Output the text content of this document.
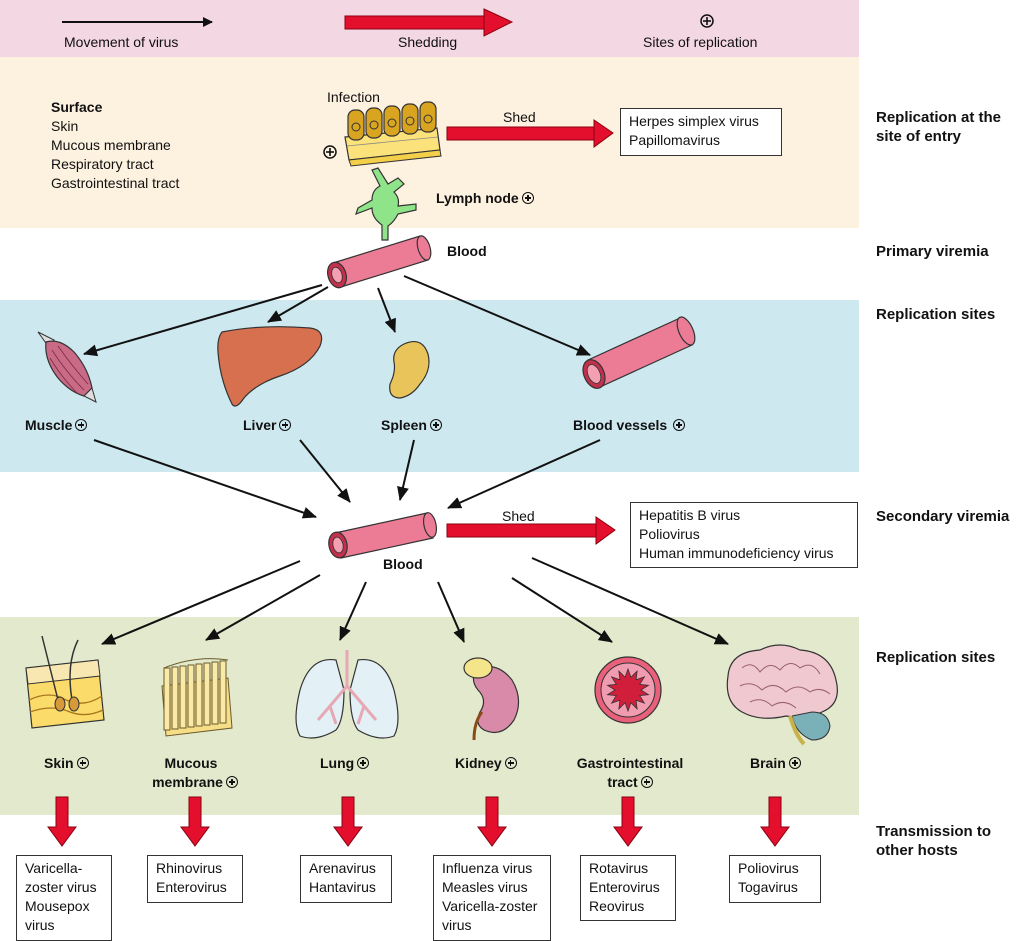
Movement of virus	Shedding	Sites of replication
Surface
Skin
Mucous membrane
Respiratory tract
Gastrointestinal tract
Infection
Shed	Herpes simplex virus
Papillomavirus
Lymph node
Blood
Muscle	Liver	Spleen	Blood vessels
Shed
Blood
Hepatitis B virus
Poliovirus
Human immunodeficiency virus
Skin	Mucous
membrane
Lung	Kidney	Gastrointestinal
tract
Brain
Varicella-
zoster virus
Mousepox
virus
Rhinovirus
Enterovirus
Arenavirus
Hantavirus
Influenza virus
Measles virus
Varicella-zoster
virus
Rotavirus
Enterovirus
Reovirus
Poliovirus
Togavirus
Replication at the
site of entry
Primary viremia
Replication sites
Secondary viremia
Replication sites
Transmission to
other hosts
